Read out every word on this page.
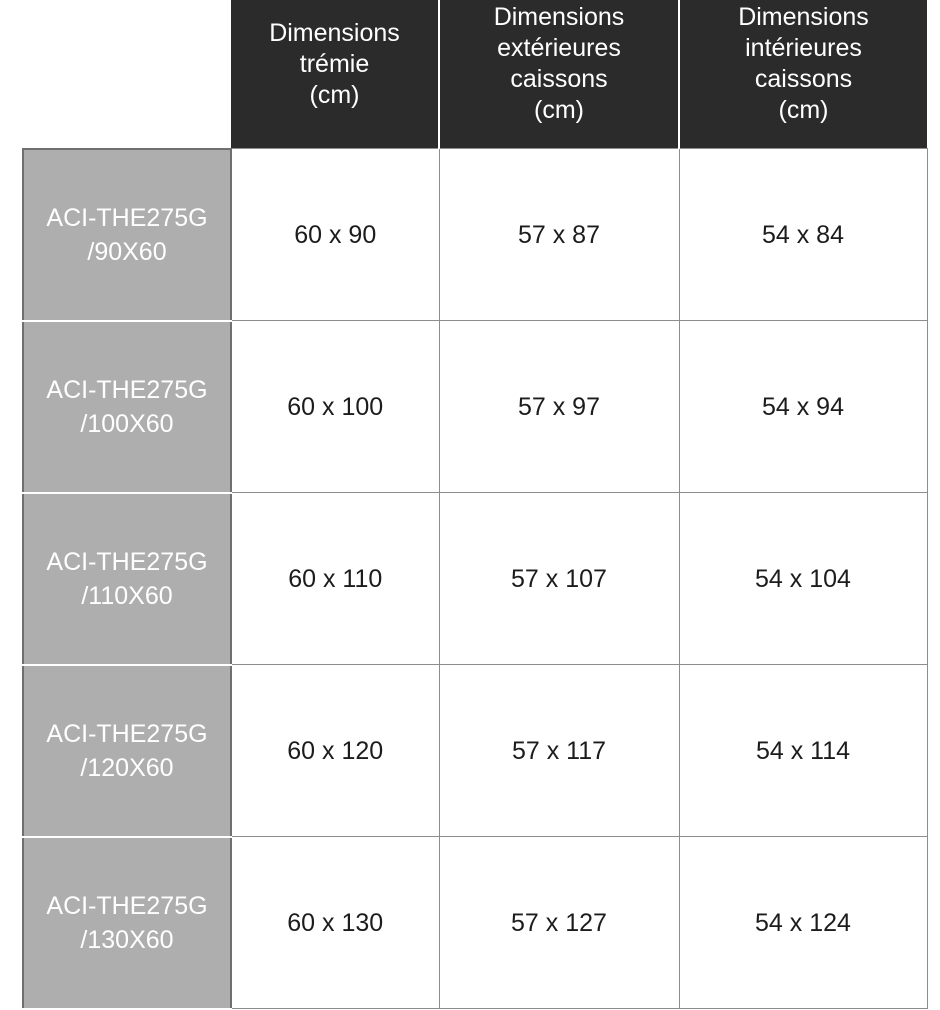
	Dimensions
trémie
(cm)	Dimensions
extérieures
caissons
(cm)	Dimensions
intérieures
caissons
(cm)

ACI-THE275G
/90X60	60 x 90	57 x 87	54 x 84

ACI-THE275G
/100X60	60 x 100	57 x 97	54 x 94

ACI-THE275G
/110X60	60 x 110	57 x 107	54 x 104

ACI-THE275G
/120X60	60 x 120	57 x 117	54 x 114

ACI-THE275G
/130X60	60 x 130	57 x 127	54 x 124
